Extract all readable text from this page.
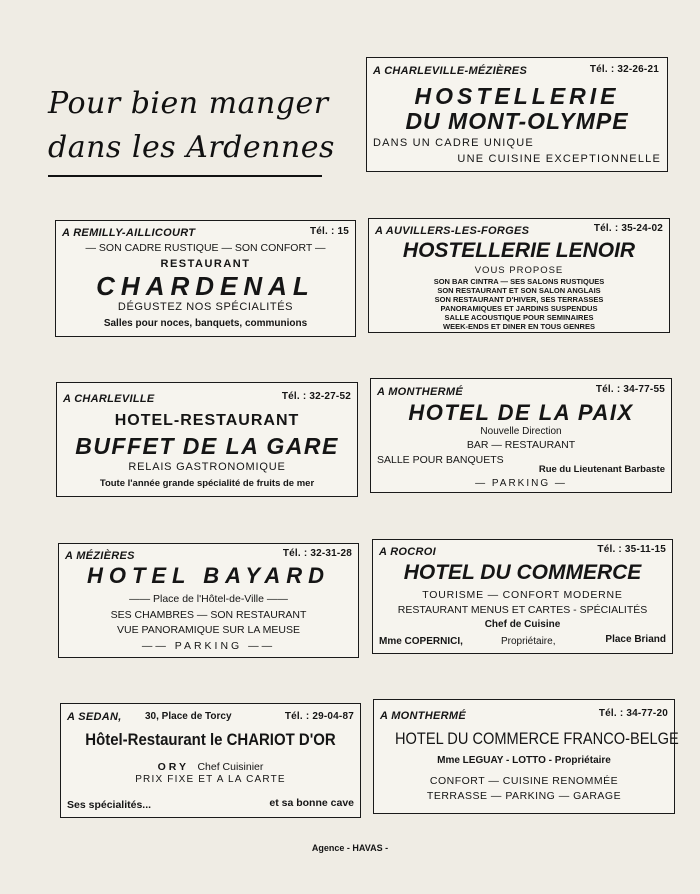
Pour bien manger
dans les Ardennes
A CHARLEVILLE-MÉZIÈRES	Tél. : 32-26-21
HOSTELLERIE
DU MONT-OLYMPE
DANS UN CADRE UNIQUE
UNE CUISINE EXCEPTIONNELLE
A REMILLY-AILLICOURT	Tél. : 15
— SON CADRE RUSTIQUE — SON CONFORT —
RESTAURANT
CHARDENAL
DÉGUSTEZ NOS SPÉCIALITÉS
Salles pour noces, banquets, communions
A AUVILLERS-LES-FORGES	Tél. : 35-24-02
HOSTELLERIE LENOIR
VOUS PROPOSE
SON BAR CINTRA — SES SALONS RUSTIQUES
SON RESTAURANT ET SON SALON ANGLAIS
SON RESTAURANT D'HIVER, SES TERRASSES
PANORAMIQUES ET JARDINS SUSPENDUS
SALLE ACOUSTIQUE POUR SEMINAIRES
WEEK-ENDS ET DINER EN TOUS GENRES
A CHARLEVILLE	Tél. : 32-27-52
HOTEL-RESTAURANT
BUFFET DE LA GARE
RELAIS GASTRONOMIQUE
Toute l'année grande spécialité de fruits de mer
A MONTHERMÉ	Tél. : 34-77-55
HOTEL DE LA PAIX
Nouvelle Direction
BAR — RESTAURANT
SALLE POUR BANQUETS
Rue du Lieutenant Barbaste
— PARKING —
A MÉZIÈRES	Tél. : 32-31-28
HOTEL BAYARD
—— Place de l'Hôtel-de-Ville ——
SES CHAMBRES — SON RESTAURANT
VUE PANORAMIQUE SUR LA MEUSE
—— PARKING ——
A ROCROI	Tél. : 35-11-15
HOTEL DU COMMERCE
TOURISME — CONFORT MODERNE
RESTAURANT MENUS ET CARTES - SPÉCIALITÉS
Chef de Cuisine
Mme COPERNICI,	Propriétaire,	Place Briand
A SEDAN, 30, Place de Torcy	Tél. : 29-04-87
Hôtel-Restaurant le CHARIOT D'OR
ORY Chef Cuisinier
PRIX FIXE ET A LA CARTE
Ses spécialités...	et sa bonne cave
A MONTHERMÉ	Tél. : 34-77-20
HOTEL DU COMMERCE FRANCO-BELGE
Mme LEGUAY - LOTTO - Propriétaire
CONFORT — CUISINE RENOMMÉE
TERRASSE — PARKING — GARAGE
Agence - HAVAS -
